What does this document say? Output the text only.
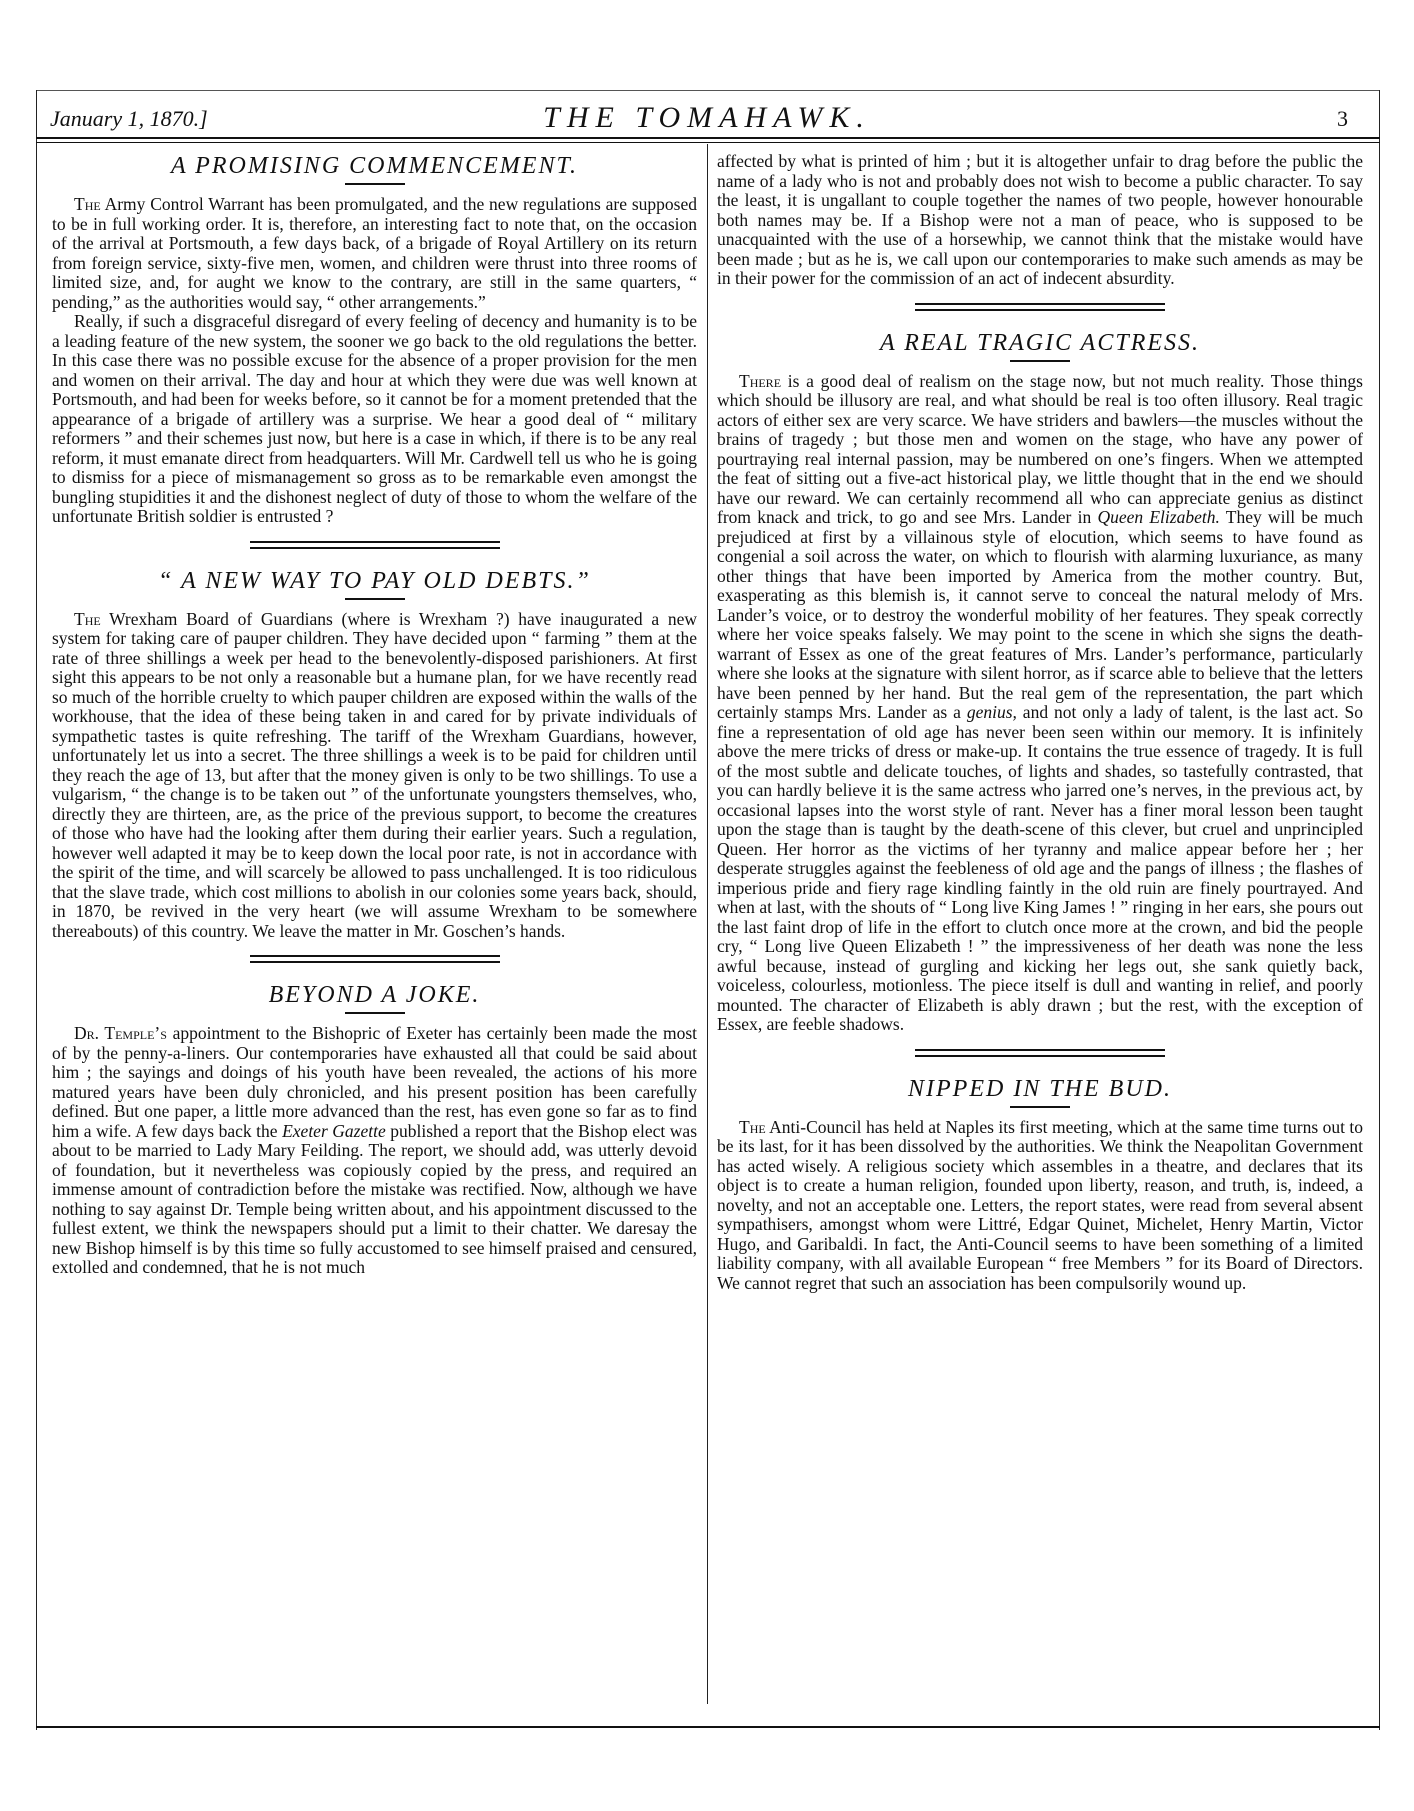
January 1, 1870.]	THE TOMAHAWK.	3
A PROMISING COMMENCEMENT.

The Army Control Warrant has been promulgated, and the new regulations are supposed to be in full working order. It is, therefore, an interesting fact to note that, on the occasion of the arrival at Portsmouth, a few days back, of a brigade of Royal Artillery on its return from foreign service, sixty-five men, women, and children were thrust into three rooms of limited size, and, for aught we know to the contrary, are still in the same quarters, “ pending,” as the authorities would say, “ other arrangements.”

Really, if such a disgraceful disregard of every feeling of decency and humanity is to be a leading feature of the new system, the sooner we go back to the old regulations the better. In this case there was no possible excuse for the absence of a proper provision for the men and women on their arrival. The day and hour at which they were due was well known at Portsmouth, and had been for weeks before, so it cannot be for a moment pretended that the appearance of a brigade of artillery was a surprise. We hear a good deal of “ military reformers ” and their schemes just now, but here is a case in which, if there is to be any real reform, it must emanate direct from headquarters. Will Mr. Cardwell tell us who he is going to dismiss for a piece of mismanagement so gross as to be remarkable even amongst the bungling stupidities it and the dishonest neglect of duty of those to whom the welfare of the unfortunate British soldier is entrusted ?

“ A NEW WAY TO PAY OLD DEBTS.”

The Wrexham Board of Guardians (where is Wrexham ?) have inaugurated a new system for taking care of pauper children. They have decided upon “ farming ” them at the rate of three shillings a week per head to the benevolently-disposed parishioners. At first sight this appears to be not only a reasonable but a humane plan, for we have recently read so much of the horrible cruelty to which pauper children are exposed within the walls of the workhouse, that the idea of these being taken in and cared for by private individuals of sympathetic tastes is quite refreshing. The tariff of the Wrexham Guardians, however, unfortunately let us into a secret. The three shillings a week is to be paid for children until they reach the age of 13, but after that the money given is only to be two shillings. To use a vulgarism, “ the change is to be taken out ” of the unfortunate youngsters themselves, who, directly they are thirteen, are, as the price of the previous support, to become the creatures of those who have had the looking after them during their earlier years. Such a regulation, however well adapted it may be to keep down the local poor rate, is not in accordance with the spirit of the time, and will scarcely be allowed to pass unchallenged. It is too ridiculous that the slave trade, which cost millions to abolish in our colonies some years back, should, in 1870, be revived in the very heart (we will assume Wrexham to be somewhere thereabouts) of this country. We leave the matter in Mr. Goschen’s hands.

BEYOND A JOKE.

Dr. Temple’s appointment to the Bishopric of Exeter has certainly been made the most of by the penny-a-liners. Our contemporaries have exhausted all that could be said about him ; the sayings and doings of his youth have been revealed, the actions of his more matured years have been duly chronicled, and his present position has been carefully defined. But one paper, a little more advanced than the rest, has even gone so far as to find him a wife. A few days back the Exeter Gazette published a report that the Bishop elect was about to be married to Lady Mary Feilding. The report, we should add, was utterly devoid of foundation, but it nevertheless was copiously copied by the press, and required an immense amount of contradiction before the mistake was rectified. Now, although we have nothing to say against Dr. Temple being written about, and his appointment discussed to the fullest extent, we think the newspapers should put a limit to their chatter. We daresay the new Bishop himself is by this time so fully accustomed to see himself praised and censured, extolled and condemned, that he is not much

affected by what is printed of him ; but it is altogether unfair to drag before the public the name of a lady who is not and probably does not wish to become a public character. To say the least, it is ungallant to couple together the names of two people, however honourable both names may be. If a Bishop were not a man of peace, who is supposed to be unacquainted with the use of a horsewhip, we cannot think that the mistake would have been made ; but as he is, we call upon our contemporaries to make such amends as may be in their power for the commission of an act of indecent absurdity.

A REAL TRAGIC ACTRESS.

There is a good deal of realism on the stage now, but not much reality. Those things which should be illusory are real, and what should be real is too often illusory. Real tragic actors of either sex are very scarce. We have striders and bawlers—the muscles without the brains of tragedy ; but those men and women on the stage, who have any power of pourtraying real internal passion, may be numbered on one’s fingers. When we attempted the feat of sitting out a five-act historical play, we little thought that in the end we should have our reward. We can certainly recommend all who can appreciate genius as distinct from knack and trick, to go and see Mrs. Lander in Queen Elizabeth. They will be much prejudiced at first by a villainous style of elocution, which seems to have found as congenial a soil across the water, on which to flourish with alarming luxuriance, as many other things that have been imported by America from the mother country. But, exasperating as this blemish is, it cannot serve to conceal the natural melody of Mrs. Lander’s voice, or to destroy the wonderful mobility of her features. They speak correctly where her voice speaks falsely. We may point to the scene in which she signs the death-warrant of Essex as one of the great features of Mrs. Lander’s performance, particularly where she looks at the signature with silent horror, as if scarce able to believe that the letters have been penned by her hand. But the real gem of the representation, the part which certainly stamps Mrs. Lander as a genius, and not only a lady of talent, is the last act. So fine a representation of old age has never been seen within our memory. It is infinitely above the mere tricks of dress or make-up. It contains the true essence of tragedy. It is full of the most subtle and delicate touches, of lights and shades, so tastefully contrasted, that you can hardly believe it is the same actress who jarred one’s nerves, in the previous act, by occasional lapses into the worst style of rant. Never has a finer moral lesson been taught upon the stage than is taught by the death-scene of this clever, but cruel and unprincipled Queen. Her horror as the victims of her tyranny and malice appear before her ; her desperate struggles against the feebleness of old age and the pangs of illness ; the flashes of imperious pride and fiery rage kindling faintly in the old ruin are finely pourtrayed. And when at last, with the shouts of “ Long live King James ! ” ringing in her ears, she pours out the last faint drop of life in the effort to clutch once more at the crown, and bid the people cry, “ Long live Queen Elizabeth ! ” the impressiveness of her death was none the less awful because, instead of gurgling and kicking her legs out, she sank quietly back, voiceless, colourless, motionless. The piece itself is dull and wanting in relief, and poorly mounted. The character of Elizabeth is ably drawn ; but the rest, with the exception of Essex, are feeble shadows.

NIPPED IN THE BUD.

The Anti-Council has held at Naples its first meeting, which at the same time turns out to be its last, for it has been dissolved by the authorities. We think the Neapolitan Government has acted wisely. A religious society which assembles in a theatre, and declares that its object is to create a human religion, founded upon liberty, reason, and truth, is, indeed, a novelty, and not an acceptable one. Letters, the report states, were read from several absent sympathisers, amongst whom were Littré, Edgar Quinet, Michelet, Henry Martin, Victor Hugo, and Garibaldi. In fact, the Anti-Council seems to have been something of a limited liability company, with all available European “ free Members ” for its Board of Directors. We cannot regret that such an association has been compulsorily wound up.
